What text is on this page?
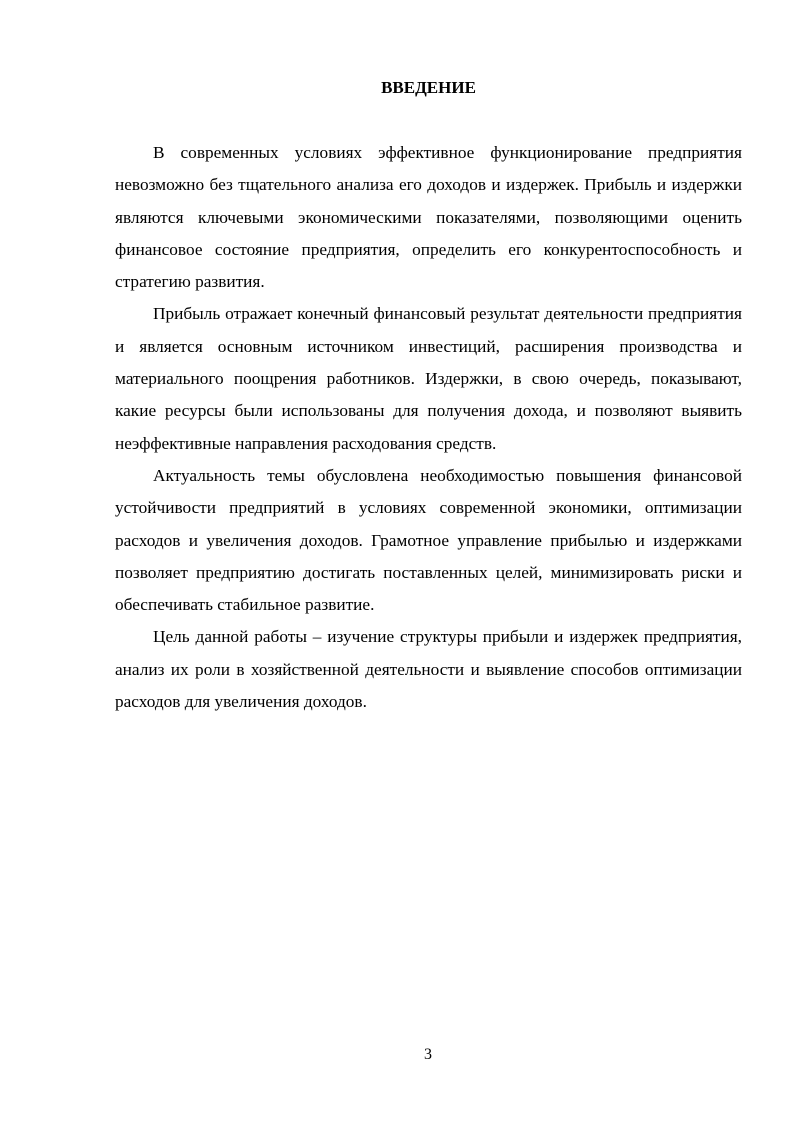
ВВЕДЕНИЕ

В современных условиях эффективное функционирование предприятия невозможно без тщательного анализа его доходов и издержек. Прибыль и издержки являются ключевыми экономическими показателями, позволяющими оценить финансовое состояние предприятия, определить его конкурентоспособность и стратегию развития.

Прибыль отражает конечный финансовый результат деятельности предприятия и является основным источником инвестиций, расширения производства и материального поощрения работников. Издержки, в свою очередь, показывают, какие ресурсы были использованы для получения дохода, и позволяют выявить неэффективные направления расходования средств.

Актуальность темы обусловлена необходимостью повышения финансовой устойчивости предприятий в условиях современной экономики, оптимизации расходов и увеличения доходов. Грамотное управление прибылью и издержками позволяет предприятию достигать поставленных целей, минимизировать риски и обеспечивать стабильное развитие.

Цель данной работы – изучение структуры прибыли и издержек предприятия, анализ их роли в хозяйственной деятельности и выявление способов оптимизации расходов для увеличения доходов.

3
